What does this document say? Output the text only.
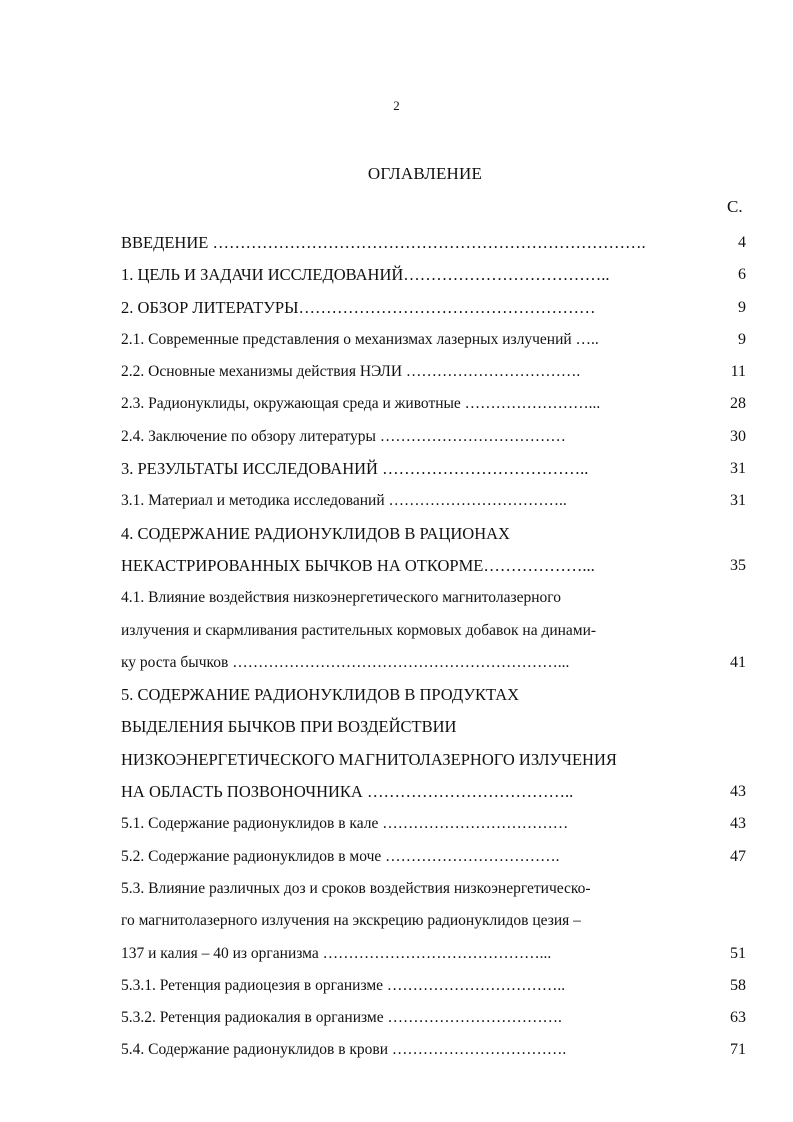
2
ОГЛАВЛЕНИЕ
С.
ВВЕДЕНИЕ …………………………………………………………………….	4
1. ЦЕЛЬ И ЗАДАЧИ ИССЛЕДОВАНИЙ………………………………..	6
2. ОБЗОР ЛИТЕРАТУРЫ………………………………………………	9
2.1. Современные представления о механизмах лазерных излучений …..	9
2.2. Основные механизмы действия НЭЛИ …………………………….	11
2.3. Радионуклиды, окружающая среда и животные ……………………...	28
2.4. Заключение по обзору литературы ………………………………	30
3. РЕЗУЛЬТАТЫ ИССЛЕДОВАНИЙ ………………………………..	31
3.1. Материал и методика исследований ……………………………..	31
4. СОДЕРЖАНИЕ РАДИОНУКЛИДОВ В РАЦИОНАХ
НЕКАСТРИРОВАННЫХ БЫЧКОВ НА ОТКОРМЕ………………...	35
4.1. Влияние воздействия низкоэнергетического магнитолазерного
излучения и скармливания растительных кормовых добавок на динами-
ку роста бычков ………………………………………………………...	41
5. СОДЕРЖАНИЕ РАДИОНУКЛИДОВ В ПРОДУКТАХ
ВЫДЕЛЕНИЯ БЫЧКОВ ПРИ ВОЗДЕЙСТВИИ
НИЗКОЭНЕРГЕТИЧЕСКОГО МАГНИТОЛАЗЕРНОГО ИЗЛУЧЕНИЯ
НА ОБЛАСТЬ ПОЗВОНОЧНИКА ………………………………..	43
5.1. Содержание радионуклидов в кале ………………………………	43
5.2. Содержание радионуклидов в моче …………………………….	47
5.3. Влияние различных доз и сроков воздействия низкоэнергетическо-
го магнитолазерного излучения на экскрецию радионуклидов цезия –
137 и калия – 40 из организма ……………………………………...	51
5.3.1. Ретенция радиоцезия в организме ……………………………..	58
5.3.2. Ретенция радиокалия в организме …………………………….	63
5.4. Содержание радионуклидов в крови …………………………….	71
